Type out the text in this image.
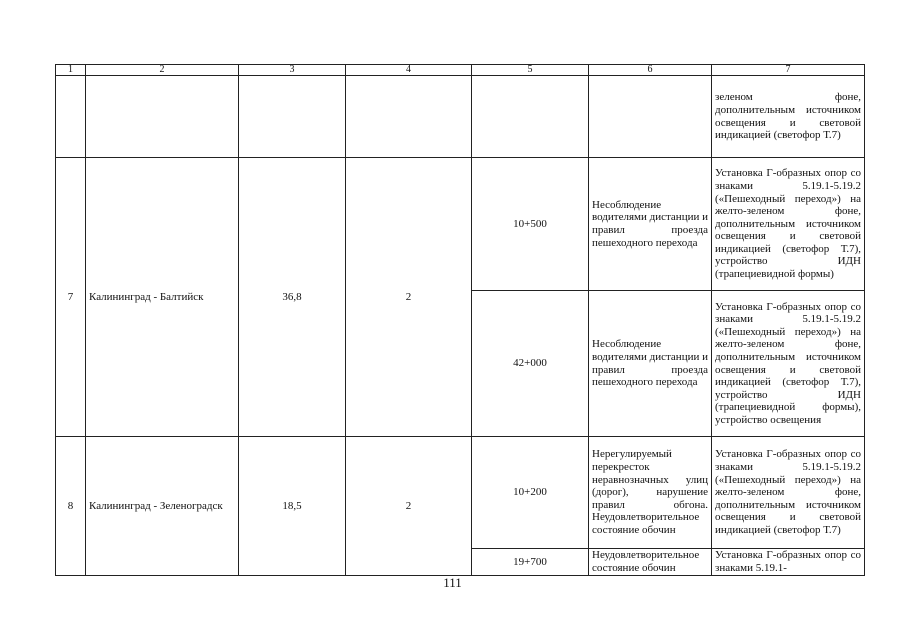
1	2	3	4	5	6	7
						зеленом фоне, дополнительным источником освещения и световой индикацией (светофор Т.7)
7	Калининград - Балтийск	36,8	2	10+500	Несоблюдение водителями дистанции и правил проезда пешеходного перехода	Установка Г-образных опор со знаками 5.19.1-5.19.2 («Пешеходный переход») на желто-зеленом фоне, дополнительным источником освещения и световой индикацией (светофор Т.7), устройство ИДН (трапециевидной формы)
				42+000	Несоблюдение водителями дистанции и правил проезда пешеходного перехода	Установка Г-образных опор со знаками 5.19.1-5.19.2 («Пешеходный переход») на желто-зеленом фоне, дополнительным источником освещения и световой индикацией (светофор Т.7), устройство ИДН (трапециевидной формы), устройство освещения
8	Калининград - Зеленоградск	18,5	2	10+200	Нерегулируемый перекресток неравнозначных улиц (дорог), нарушение правил обгона. Неудовлетворительное состояние обочин	Установка Г-образных опор со знаками 5.19.1-5.19.2 («Пешеходный переход») на желто-зеленом фоне, дополнительным источником освещения и световой индикацией (светофор Т.7)
				19+700	Неудовлетворительное состояние обочин	Установка Г-образных опор со знаками 5.19.1-
111
